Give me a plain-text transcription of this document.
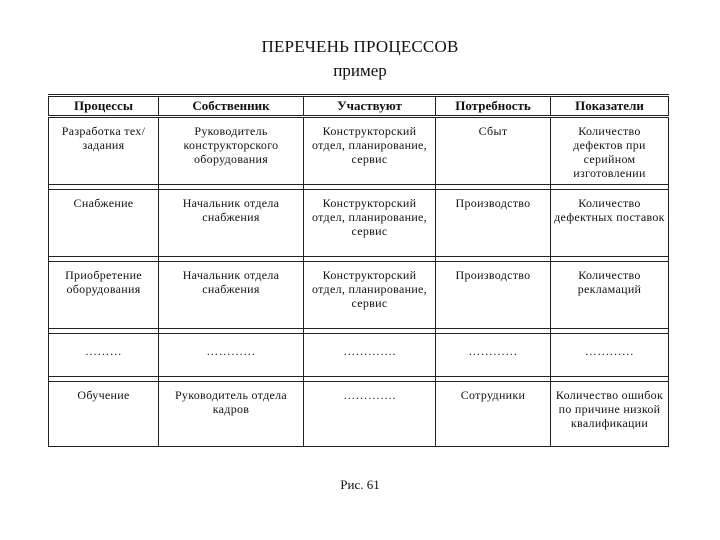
ПЕРЕЧЕНЬ ПРОЦЕССОВ
пример
Процессы	Собственник	Участвуют	Потребность	Показатели
Разработка тех/задания	Руководитель конструкторского оборудования	Конструкторский отдел, планирование, сервис	Сбыт	Количество дефектов при серийном изготовлении

Снабжение	Начальник отдела снабжения	Конструкторский отдел, планирование, сервис	Производство	Количество дефектных поставок

Приобретение оборудования	Начальник отдела снабжения	Конструкторский отдел, планирование, сервис	Производство	Количество рекламаций

………	…………	………….	…………	…………

Обучение	Руководитель отдела кадров	………….	Сотрудники	Количество ошибок по причине низкой квалификации
Рис. 61
